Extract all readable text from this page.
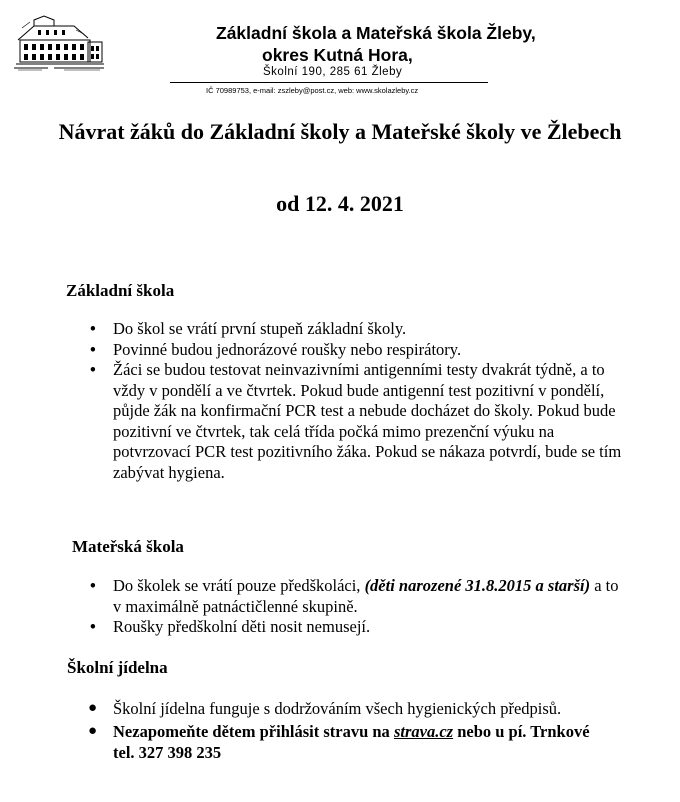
Základní škola a Mateřská škola Žleby,
okres Kutná Hora,
Školní 190, 285 61 Žleby
IČ 70989753, e-mail: zszleby@post.cz, web: www.skolazleby.cz
Návrat žáků do Základní školy a Mateřské školy ve Žlebech
od 12. 4. 2021
Základní škola
• Do škol se vrátí první stupeň základní školy.
• Povinné budou jednorázové roušky nebo respirátory.
• Žáci se budou testovat neinvazivními antigenními testy dvakrát týdně, a to vždy v pondělí a ve čtvrtek. Pokud bude antigenní test pozitivní v pondělí, půjde žák na konfirmační PCR test a nebude docházet do školy. Pokud bude pozitivní ve čtvrtek, tak celá třída počká mimo prezenční výuku na potvrzovací PCR test pozitivního žáka. Pokud se nákaza potvrdí, bude se tím zabývat hygiena.
Mateřská škola
• Do školek se vrátí pouze předškoláci, (děti narozené 31.8.2015 a starší) a to v maximálně patnáctičlenné skupině.
• Roušky předškolní děti nosit nemusejí.
Školní jídelna
● Školní jídelna funguje s dodržováním všech hygienických předpisů.
● Nezapomeňte dětem přihlásit stravu na strava.cz nebo u pí. Trnkové tel. 327 398 235
